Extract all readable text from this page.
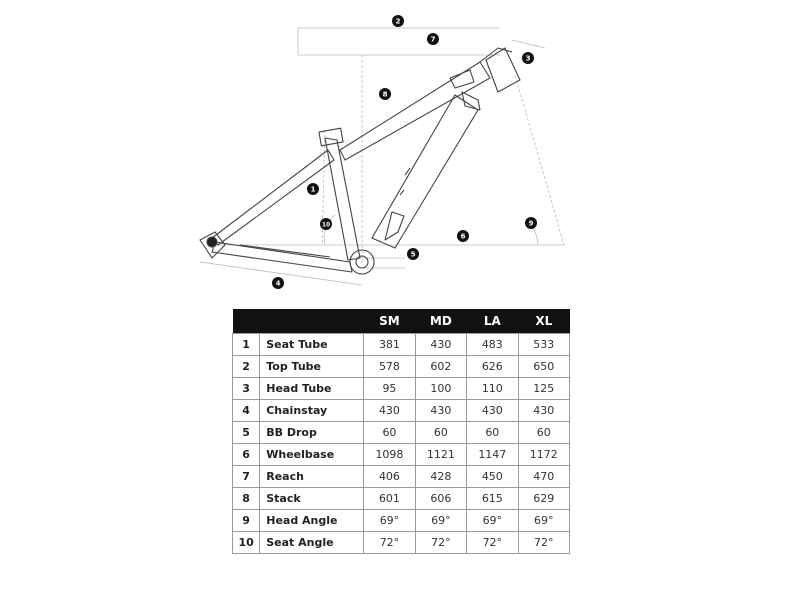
1
2
3
4
5
6
7
8
9
10
		SM	MD	LA	XL
1	Seat Tube	381	430	483	533
2	Top Tube	578	602	626	650
3	Head Tube	95	100	110	125
4	Chainstay	430	430	430	430
5	BB Drop	60	60	60	60
6	Wheelbase	1098	1121	1147	1172
7	Reach	406	428	450	470
8	Stack	601	606	615	629
9	Head Angle	69°	69°	69°	69°
10	Seat Angle	72°	72°	72°	72°
